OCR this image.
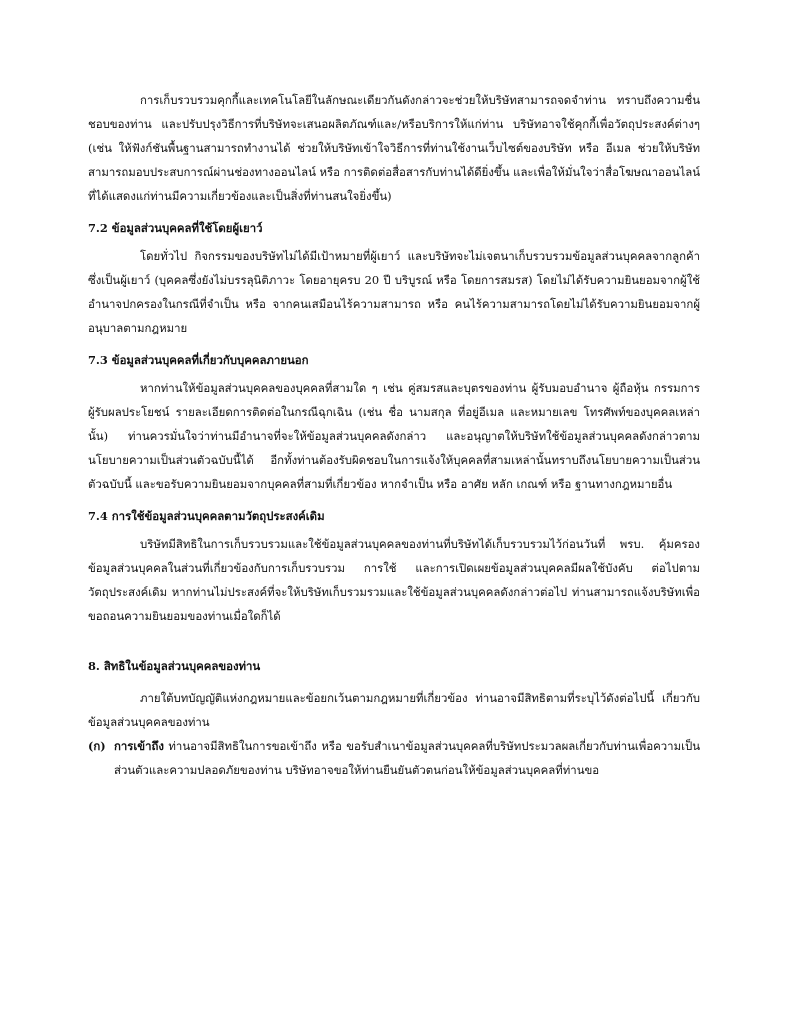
การเก็บรวบรวมคุกกี้และเทคโนโลยีในลักษณะเดียวกันดังกล่าวจะช่วยให้บริษัทสามารถจดจำท่าน ทราบถึงความชื่นชอบของท่าน และปรับปรุงวิธีการที่บริษัทจะเสนอผลิตภัณฑ์และ/หรือบริการให้แก่ท่าน บริษัทอาจใช้คุกกี้เพื่อวัตถุประสงค์ต่างๆ (เช่น ให้ฟังก์ชันพื้นฐานสามารถทำงานได้ ช่วยให้บริษัทเข้าใจวิธีการที่ท่านใช้งานเว็บไซต์ของบริษัท หรือ อีเมล ช่วยให้บริษัทสามารถมอบประสบการณ์ผ่านช่องทางออนไลน์ หรือ การติดต่อสื่อสารกับท่านได้ดียิ่งขึ้น และเพื่อให้มั่นใจว่าสื่อโฆษณาออนไลน์ที่ได้แสดงแก่ท่านมีความเกี่ยวข้องและเป็นสิ่งที่ท่านสนใจยิ่งขึ้น)

7.2 ข้อมูลส่วนบุคคลที่ใช้โดยผู้เยาว์

โดยทั่วไป กิจกรรมของบริษัทไม่ได้มีเป้าหมายที่ผู้เยาว์ และบริษัทจะไม่เจตนาเก็บรวบรวมข้อมูลส่วนบุคคลจากลูกค้าซึ่งเป็นผู้เยาว์ (บุคคลซึ่งยังไม่บรรลุนิติภาวะ โดยอายุครบ 20 ปี บริบูรณ์ หรือ โดยการสมรส) โดยไม่ได้รับความยินยอมจากผู้ใช้อำนาจปกครองในกรณีที่จำเป็น หรือ จากคนเสมือนไร้ความสามารถ หรือ คนไร้ความสามารถโดยไม่ได้รับความยินยอมจากผู้อนุบาลตามกฎหมาย

7.3 ข้อมูลส่วนบุคคลที่เกี่ยวกับบุคคลภายนอก

หากท่านให้ข้อมูลส่วนบุคคลของบุคคลที่สามใด ๆ เช่น คู่สมรสและบุตรของท่าน ผู้รับมอบอำนาจ ผู้ถือหุ้น กรรมการ ผู้รับผลประโยชน์ รายละเอียดการติดต่อในกรณีฉุกเฉิน (เช่น ชื่อ นามสกุล ที่อยู่อีเมล และหมายเลข โทรศัพท์ของบุคคลเหล่านั้น) ท่านควรมั่นใจว่าท่านมีอำนาจที่จะให้ข้อมูลส่วนบุคคลดังกล่าว และอนุญาตให้บริษัทใช้ข้อมูลส่วนบุคคลดังกล่าวตามนโยบายความเป็นส่วนตัวฉบับนี้ได้ อีกทั้งท่านต้องรับผิดชอบในการแจ้งให้บุคคลที่สามเหล่านั้นทราบถึงนโยบายความเป็นส่วนตัวฉบับนี้ และขอรับความยินยอมจากบุคคลที่สามที่เกี่ยวข้อง หากจำเป็น หรือ อาศัย หลัก เกณฑ์ หรือ ฐานทางกฎหมายอื่น

7.4 การใช้ข้อมูลส่วนบุคคลตามวัตถุประสงค์เดิม

บริษัทมีสิทธิในการเก็บรวบรวมและใช้ข้อมูลส่วนบุคคลของท่านที่บริษัทได้เก็บรวบรวมไว้ก่อนวันที่ พรบ. คุ้มครองข้อมูลส่วนบุคคลในส่วนที่เกี่ยวข้องกับการเก็บรวบรวม การใช้ และการเปิดเผยข้อมูลส่วนบุคคลมีผลใช้บังคับ ต่อไปตามวัตถุประสงค์เดิม หากท่านไม่ประสงค์ที่จะให้บริษัทเก็บรวมรวมและใช้ข้อมูลส่วนบุคคลดังกล่าวต่อไป ท่านสามารถแจ้งบริษัทเพื่อขอถอนความยินยอมของท่านเมื่อใดก็ได้

8. สิทธิในข้อมูลส่วนบุคคลของท่าน

ภายใต้บทบัญญัติแห่งกฎหมายและข้อยกเว้นตามกฎหมายที่เกี่ยวข้อง ท่านอาจมีสิทธิตามที่ระบุไว้ดังต่อไปนี้ เกี่ยวกับข้อมูลส่วนบุคคลของท่าน

(ก) การเข้าถึง ท่านอาจมีสิทธิในการขอเข้าถึง หรือ ขอรับสำเนาข้อมูลส่วนบุคคลที่บริษัทประมวลผลเกี่ยวกับท่านเพื่อความเป็นส่วนตัวและความปลอดภัยของท่าน บริษัทอาจขอให้ท่านยืนยันตัวตนก่อนให้ข้อมูลส่วนบุคคลที่ท่านขอ
